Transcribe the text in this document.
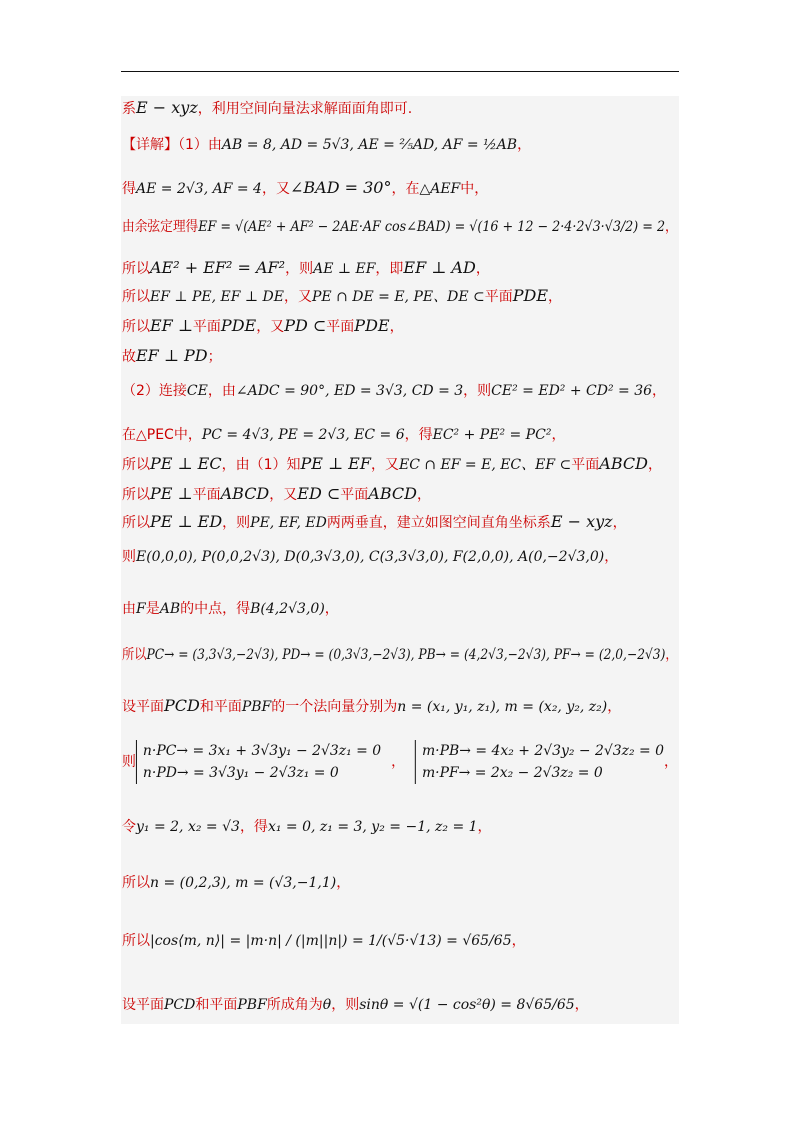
系E − xyz，利用空间向量法求解面面角即可.
【详解】（1）由AB = 8, AD = 5√3, AE = ⅖AD, AF = ½AB，
得AE = 2√3, AF = 4，又∠BAD = 30°，在△AEF中，
由余弦定理得EF = √(AE² + AF² − 2AE·AF cos∠BAD) = √(16 + 12 − 2·4·2√3·√3/2) = 2，
所以AE² + EF² = AF²，则AE ⊥ EF，即EF ⊥ AD，
所以EF ⊥ PE, EF ⊥ DE，又PE ∩ DE = E, PE、DE ⊂平面PDE，
所以EF ⊥平面PDE，又PD ⊂平面PDE，
故EF ⊥ PD；
（2）连接CE，由∠ADC = 90°, ED = 3√3, CD = 3，则CE² = ED² + CD² = 36，
在△PEC中，PC = 4√3, PE = 2√3, EC = 6，得EC² + PE² = PC²，
所以PE ⊥ EC，由（1）知PE ⊥ EF，又EC ∩ EF = E, EC、EF ⊂平面ABCD，
所以PE ⊥平面ABCD，又ED ⊂平面ABCD，
所以PE ⊥ ED，则PE, EF, ED两两垂直，建立如图空间直角坐标系E − xyz，
则E(0,0,0), P(0,0,2√3), D(0,3√3,0), C(3,3√3,0), F(2,0,0), A(0,−2√3,0)，
由F是AB的中点，得B(4,2√3,0)，
所以PC→ = (3,3√3,−2√3), PD→ = (0,3√3,−2√3), PB→ = (4,2√3,−2√3), PF→ = (2,0,−2√3)，
设平面PCD和平面PBF的一个法向量分别为n = (x₁, y₁, z₁), m = (x₂, y₂, z₂)，
则
n·PC→ = 3x₁ + 3√3y₁ − 2√3z₁ = 0
n·PD→ = 3√3y₁ − 2√3z₁ = 0
，
m·PB→ = 4x₂ + 2√3y₂ − 2√3z₂ = 0
m·PF→ = 2x₂ − 2√3z₂ = 0
，
令y₁ = 2, x₂ = √3，得x₁ = 0, z₁ = 3, y₂ = −1, z₂ = 1，
所以n = (0,2,3), m = (√3,−1,1)，
所以|cos⟨m, n⟩| = |m·n| / (|m||n|) = 1/(√5·√13) = √65/65，
设平面PCD和平面PBF所成角为θ，则sinθ = √(1 − cos²θ) = 8√65/65，
